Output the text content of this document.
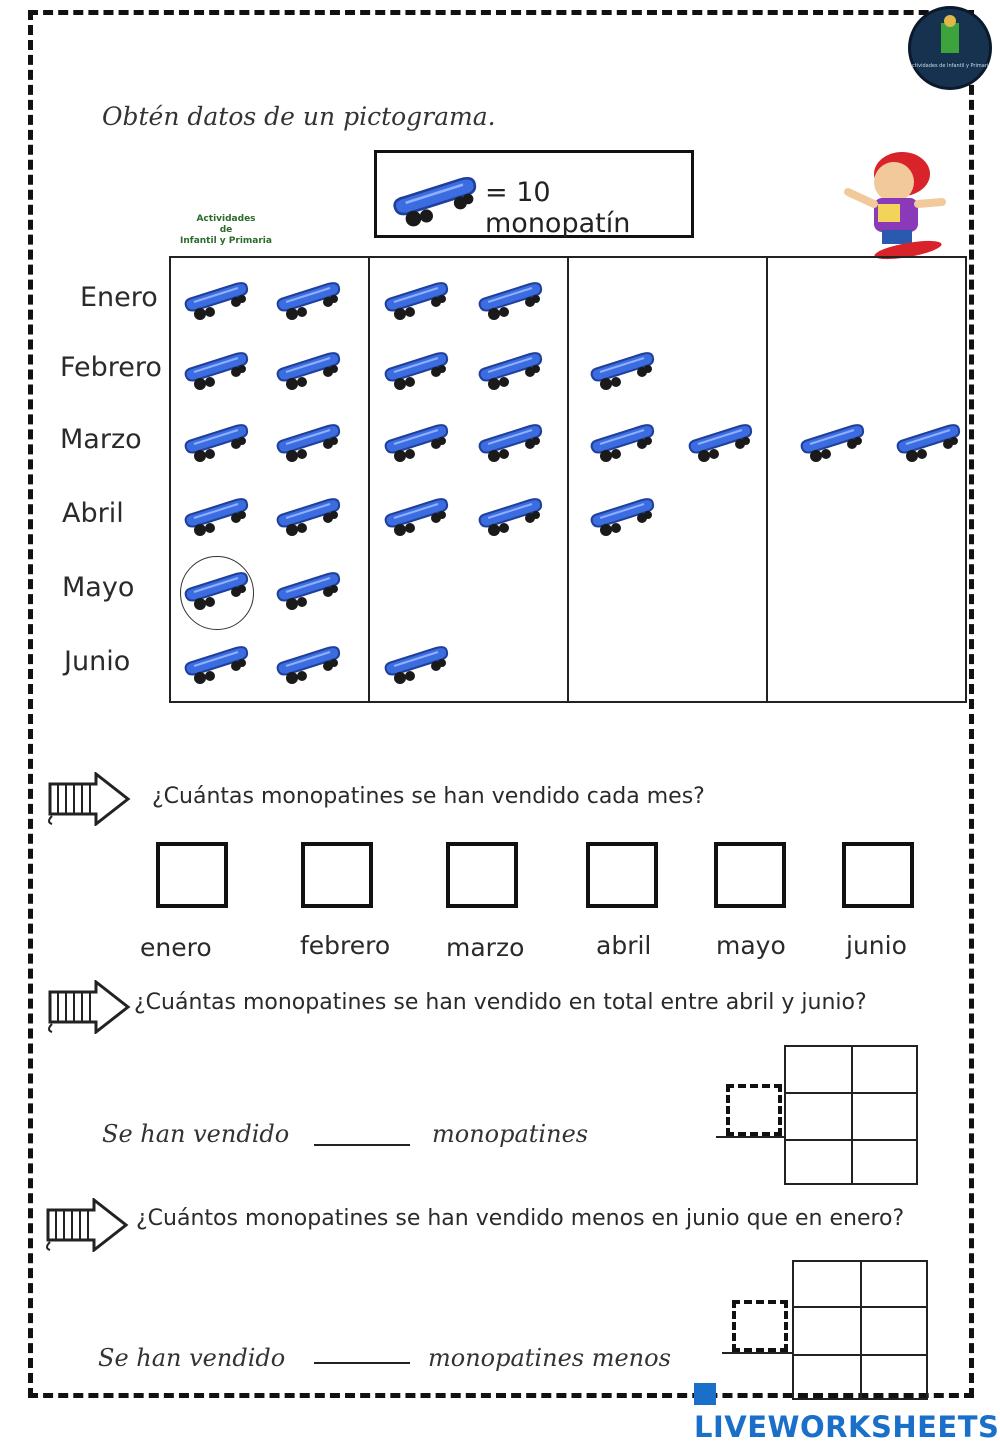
Actividades de Infantil y Primaria
Obtén datos de un pictograma.
= 10 monopatín
Actividades
de
Infantil y Primaria
Enero
Febrero
Marzo
Abril
Mayo
Junio
¿Cuántas monopatines se han vendido cada mes?
enero	febrero marzo	abril	mayo junio
¿Cuántas monopatines se han vendido en total entre abril y junio?
Se han vendido	monopatines
¿Cuántos monopatines se han vendido menos en junio que en enero?
Se han vendido	monopatines menos
LIVEWORKSHEETS
